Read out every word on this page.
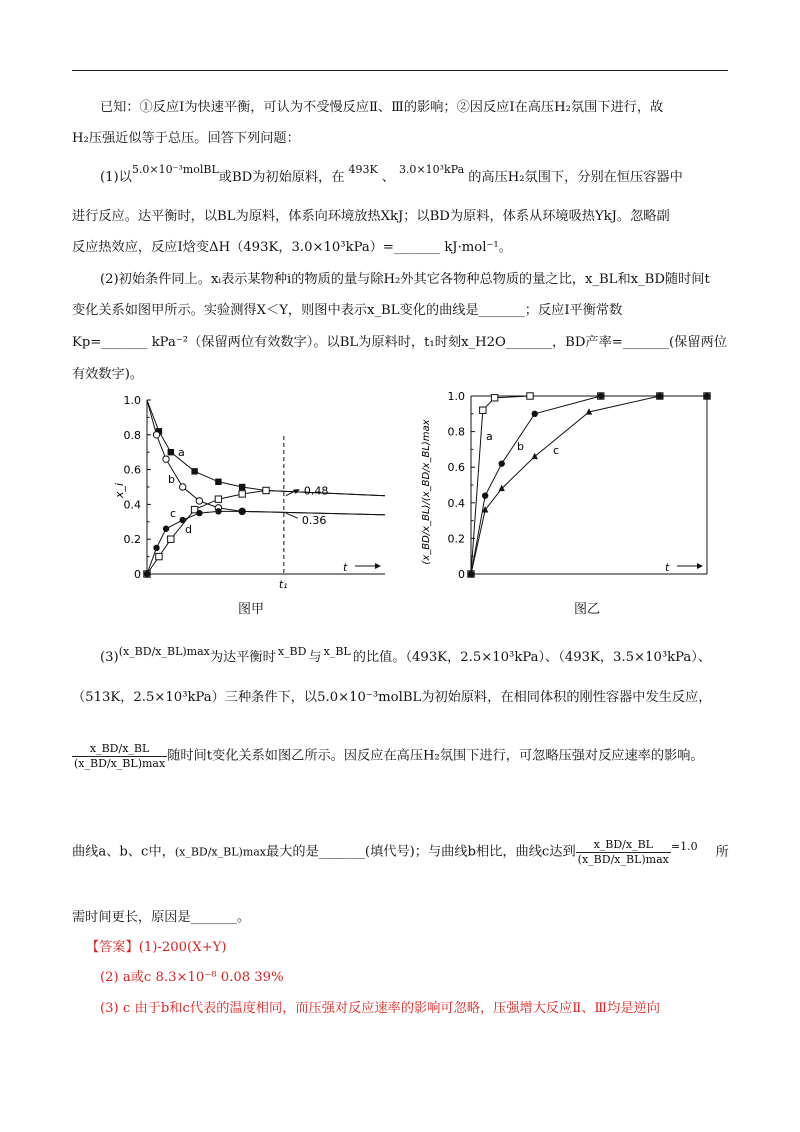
已知：①反应Ⅰ为快速平衡，可认为不受慢反应Ⅱ、Ⅲ的影响；②因反应Ⅰ在高压H₂氛围下进行，故
H₂压强近似等于总压。回答下列问题：
(1)以$^{5.0\times 10^{-3}molBL}$或BD为初始原料，在$^{493K}$、$^{3.0\times 10^3kPa}$的高压H₂氛围下，分别在恒压容器中
进行反应。达平衡时，以BL为原料，体系向环境放热XkJ；以BD为原料，体系从环境吸热YkJ。忽略副
反应热效应，反应Ⅰ焓变ΔH（493K，3.0×10³kPa）=_______ kJ·mol⁻¹。
(2)初始条件同上。xᵢ表示某物种i的物质的量与除H₂外其它各物种总物质的量之比，x_BL和x_BD随时间t
变化关系如图甲所示。实验测得X＜Y，则图中表示x_BL变化的曲线是_______；反应Ⅰ平衡常数
Kp=_______ kPa⁻²（保留两位有效数字）。以BL为原料时，t₁时刻x_H2O_______，BD产率=_______(保留两位
有效数字)。
0
0.2
0.4
0.6
0.8
1.0
t
a
b
c
d
x_i
t₁
0.48
0.36
图甲
0
0.2
0.4
0.6
0.8
1.0
t
a
b	c
(x_BD/x_BL)/(x_BD/x_BL)max
图乙
$(3)^{(x\_BD/x\_BL)max}$为达平衡时 $^{x\_BD}$ 与 $^{x\_BL}$ 的比值。（493K，2.5×10³kPa）、（493K，3.5×10³kPa）、
（513K，2.5×10³kPa）三种条件下，以5.0×10⁻³molBL为初始原料，在相同体积的刚性容器中发生反应，
$\frac{x\_BD/x\_BL}{(x\_BD/x\_BL)\max}$ 随时间t变化关系如图乙所示。因反应在高压H₂氛围下进行，可忽略压强对反应速率的影响。
曲线a、b、c中，(x_BD/x_BL)max最大的是_______(填代号)；与曲线b相比，曲线c达到 $\frac{x\_BD/x\_BL}{(x\_BD/x\_BL)\max} ^{=1.0}$ 所
需时间更长，原因是_______。
【答案】(1)-200(X+Y)
(2) a或c 8.3×10⁻⁸ 0.08 39%
(3) c 由于b和c代表的温度相同，而压强对反应速率的影响可忽略，压强增大反应Ⅱ、Ⅲ均是逆向
